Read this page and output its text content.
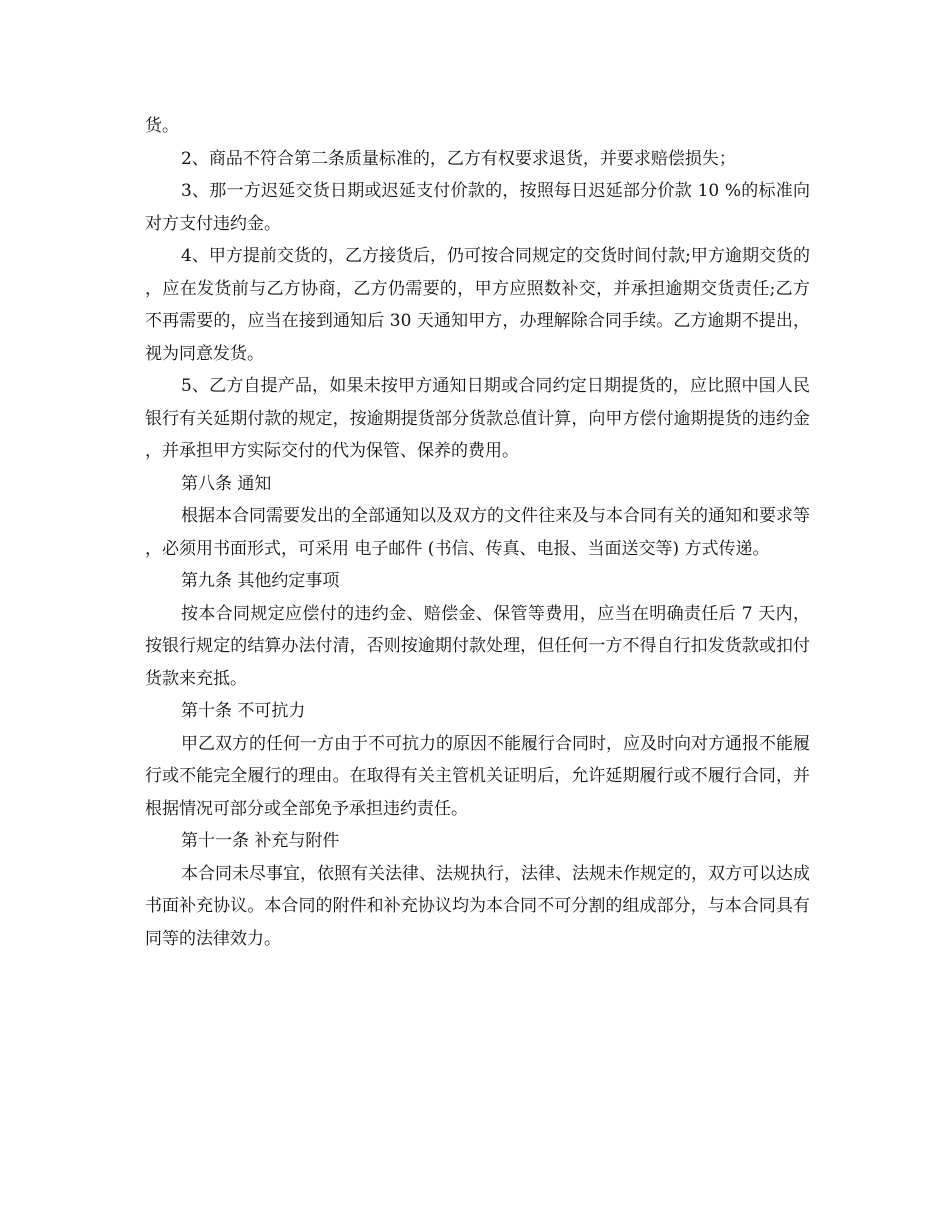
货。

2、商品不符合第二条质量标准的，乙方有权要求退货，并要求赔偿损失；

3、那一方迟延交货日期或迟延支付价款的，按照每日迟延部分价款 10 %的标准向对方支付违约金。

4、甲方提前交货的，乙方接货后，仍可按合同规定的交货时间付款;甲方逾期交货的，应在发货前与乙方协商，乙方仍需要的，甲方应照数补交，并承担逾期交货责任;乙方不再需要的，应当在接到通知后 30 天通知甲方，办理解除合同手续。乙方逾期不提出，视为同意发货。

5、乙方自提产品，如果未按甲方通知日期或合同约定日期提货的，应比照中国人民银行有关延期付款的规定，按逾期提货部分货款总值计算，向甲方偿付逾期提货的违约金，并承担甲方实际交付的代为保管、保养的费用。

第八条 通知

根据本合同需要发出的全部通知以及双方的文件往来及与本合同有关的通知和要求等，必须用书面形式，可采用 电子邮件 (书信、传真、电报、当面送交等) 方式传递。

第九条 其他约定事项

按本合同规定应偿付的违约金、赔偿金、保管等费用，应当在明确责任后 7 天内，按银行规定的结算办法付清，否则按逾期付款处理，但任何一方不得自行扣发货款或扣付货款来充抵。

第十条 不可抗力

甲乙双方的任何一方由于不可抗力的原因不能履行合同时，应及时向对方通报不能履行或不能完全履行的理由。在取得有关主管机关证明后，允许延期履行或不履行合同，并根据情况可部分或全部免予承担违约责任。

第十一条 补充与附件

本合同未尽事宜，依照有关法律、法规执行，法律、法规未作规定的，双方可以达成书面补充协议。本合同的附件和补充协议均为本合同不可分割的组成部分，与本合同具有同等的法律效力。
